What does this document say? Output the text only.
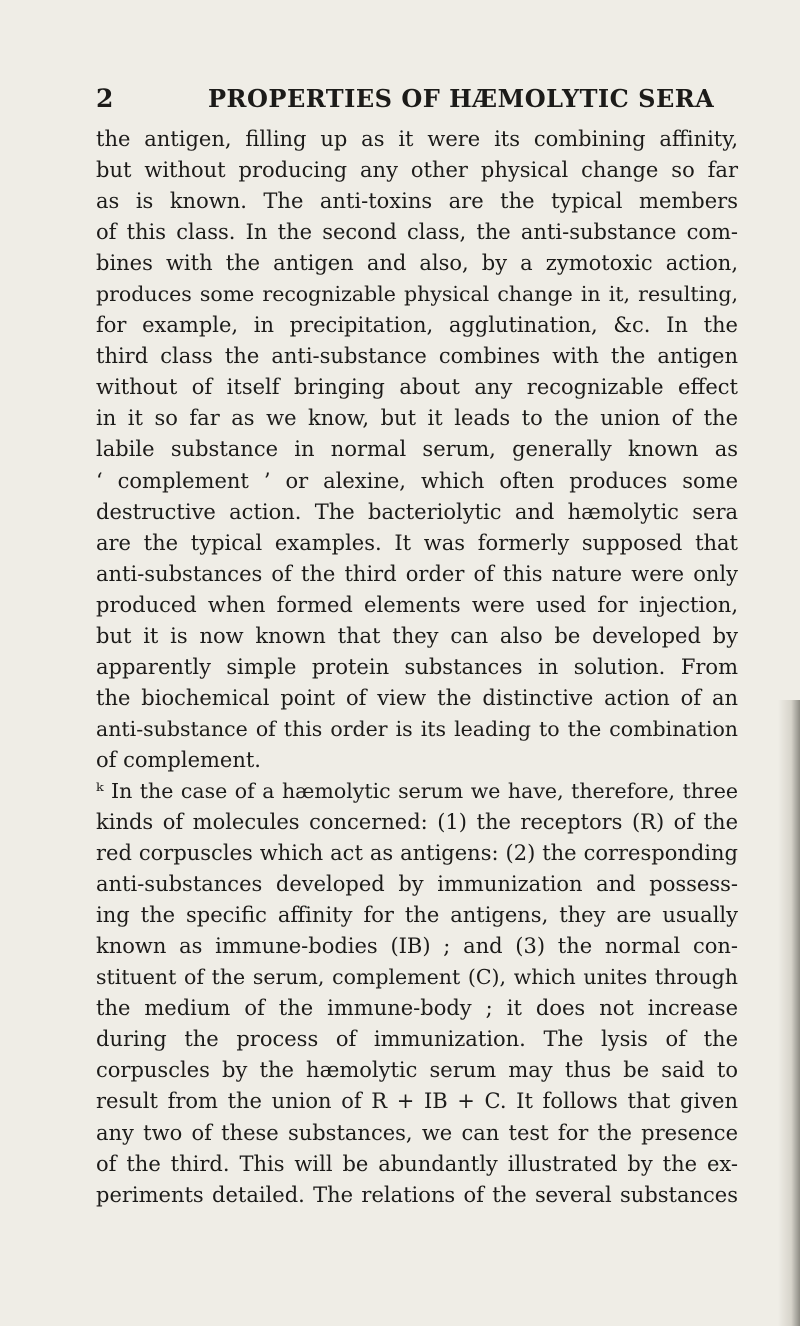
2	PROPERTIES OF HÆMOLYTIC SERA
the antigen, filling up as it were its combining affinity,
but without producing any other physical change so far
as is known. The anti-toxins are the typical members
of this class. In the second class, the anti-substance com-
bines with the antigen and also, by a zymotoxic action,
produces some recognizable physical change in it, resulting,
for example, in precipitation, agglutination, &c. In the
third class the anti-substance combines with the antigen
without of itself bringing about any recognizable effect
in it so far as we know, but it leads to the union of the
labile substance in normal serum, generally known as
‘ complement ’ or alexine, which often produces some
destructive action. The bacteriolytic and hæmolytic sera
are the typical examples. It was formerly supposed that
anti-substances of the third order of this nature were only
produced when formed elements were used for injection,
but it is now known that they can also be developed by
apparently simple protein substances in solution. From
the biochemical point of view the distinctive action of an
anti-substance of this order is its leading to the combination
of complement.
ᵏ In the case of a hæmolytic serum we have, therefore, three
kinds of molecules concerned: (1) the receptors (R) of the
red corpuscles which act as antigens: (2) the corresponding
anti-substances developed by immunization and possess-
ing the specific affinity for the antigens, they are usually
known as immune-bodies (IB) ; and (3) the normal con-
stituent of the serum, complement (C), which unites through
the medium of the immune-body ; it does not increase
during the process of immunization. The lysis of the
corpuscles by the hæmolytic serum may thus be said to
result from the union of R + IB + C. It follows that given
any two of these substances, we can test for the presence
of the third. This will be abundantly illustrated by the ex-
periments detailed. The relations of the several substances
